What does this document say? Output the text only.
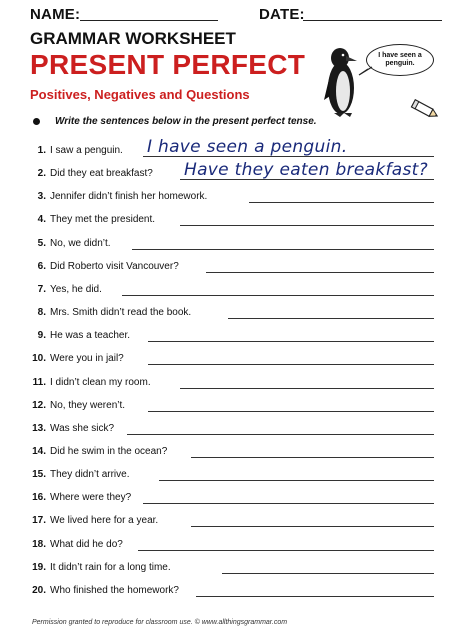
NAME:	DATE:
GRAMMAR WORKSHEET
PRESENT PERFECT
Positives, Negatives and Questions
I have seen a penguin.
Write the sentences below in the present perfect tense.
1. I saw a penguin. I have seen a penguin.
2. Did they eat breakfast? Have they eaten breakfast?
3. Jennifer didn’t finish her homework.
4. They met the president.
5. No, we didn’t.
6. Did Roberto visit Vancouver?
7. Yes, he did.
8. Mrs. Smith didn’t read the book.
9. He was a teacher.
10. Were you in jail?
11. I didn’t clean my room.
12. No, they weren’t.
13. Was she sick?
14. Did he swim in the ocean?
15. They didn’t arrive.
16. Where were they?
17. We lived here for a year.
18. What did he do?
19. It didn’t rain for a long time.
20. Who finished the homework?
Permission granted to reproduce for classroom use. © www.allthingsgrammar.com
